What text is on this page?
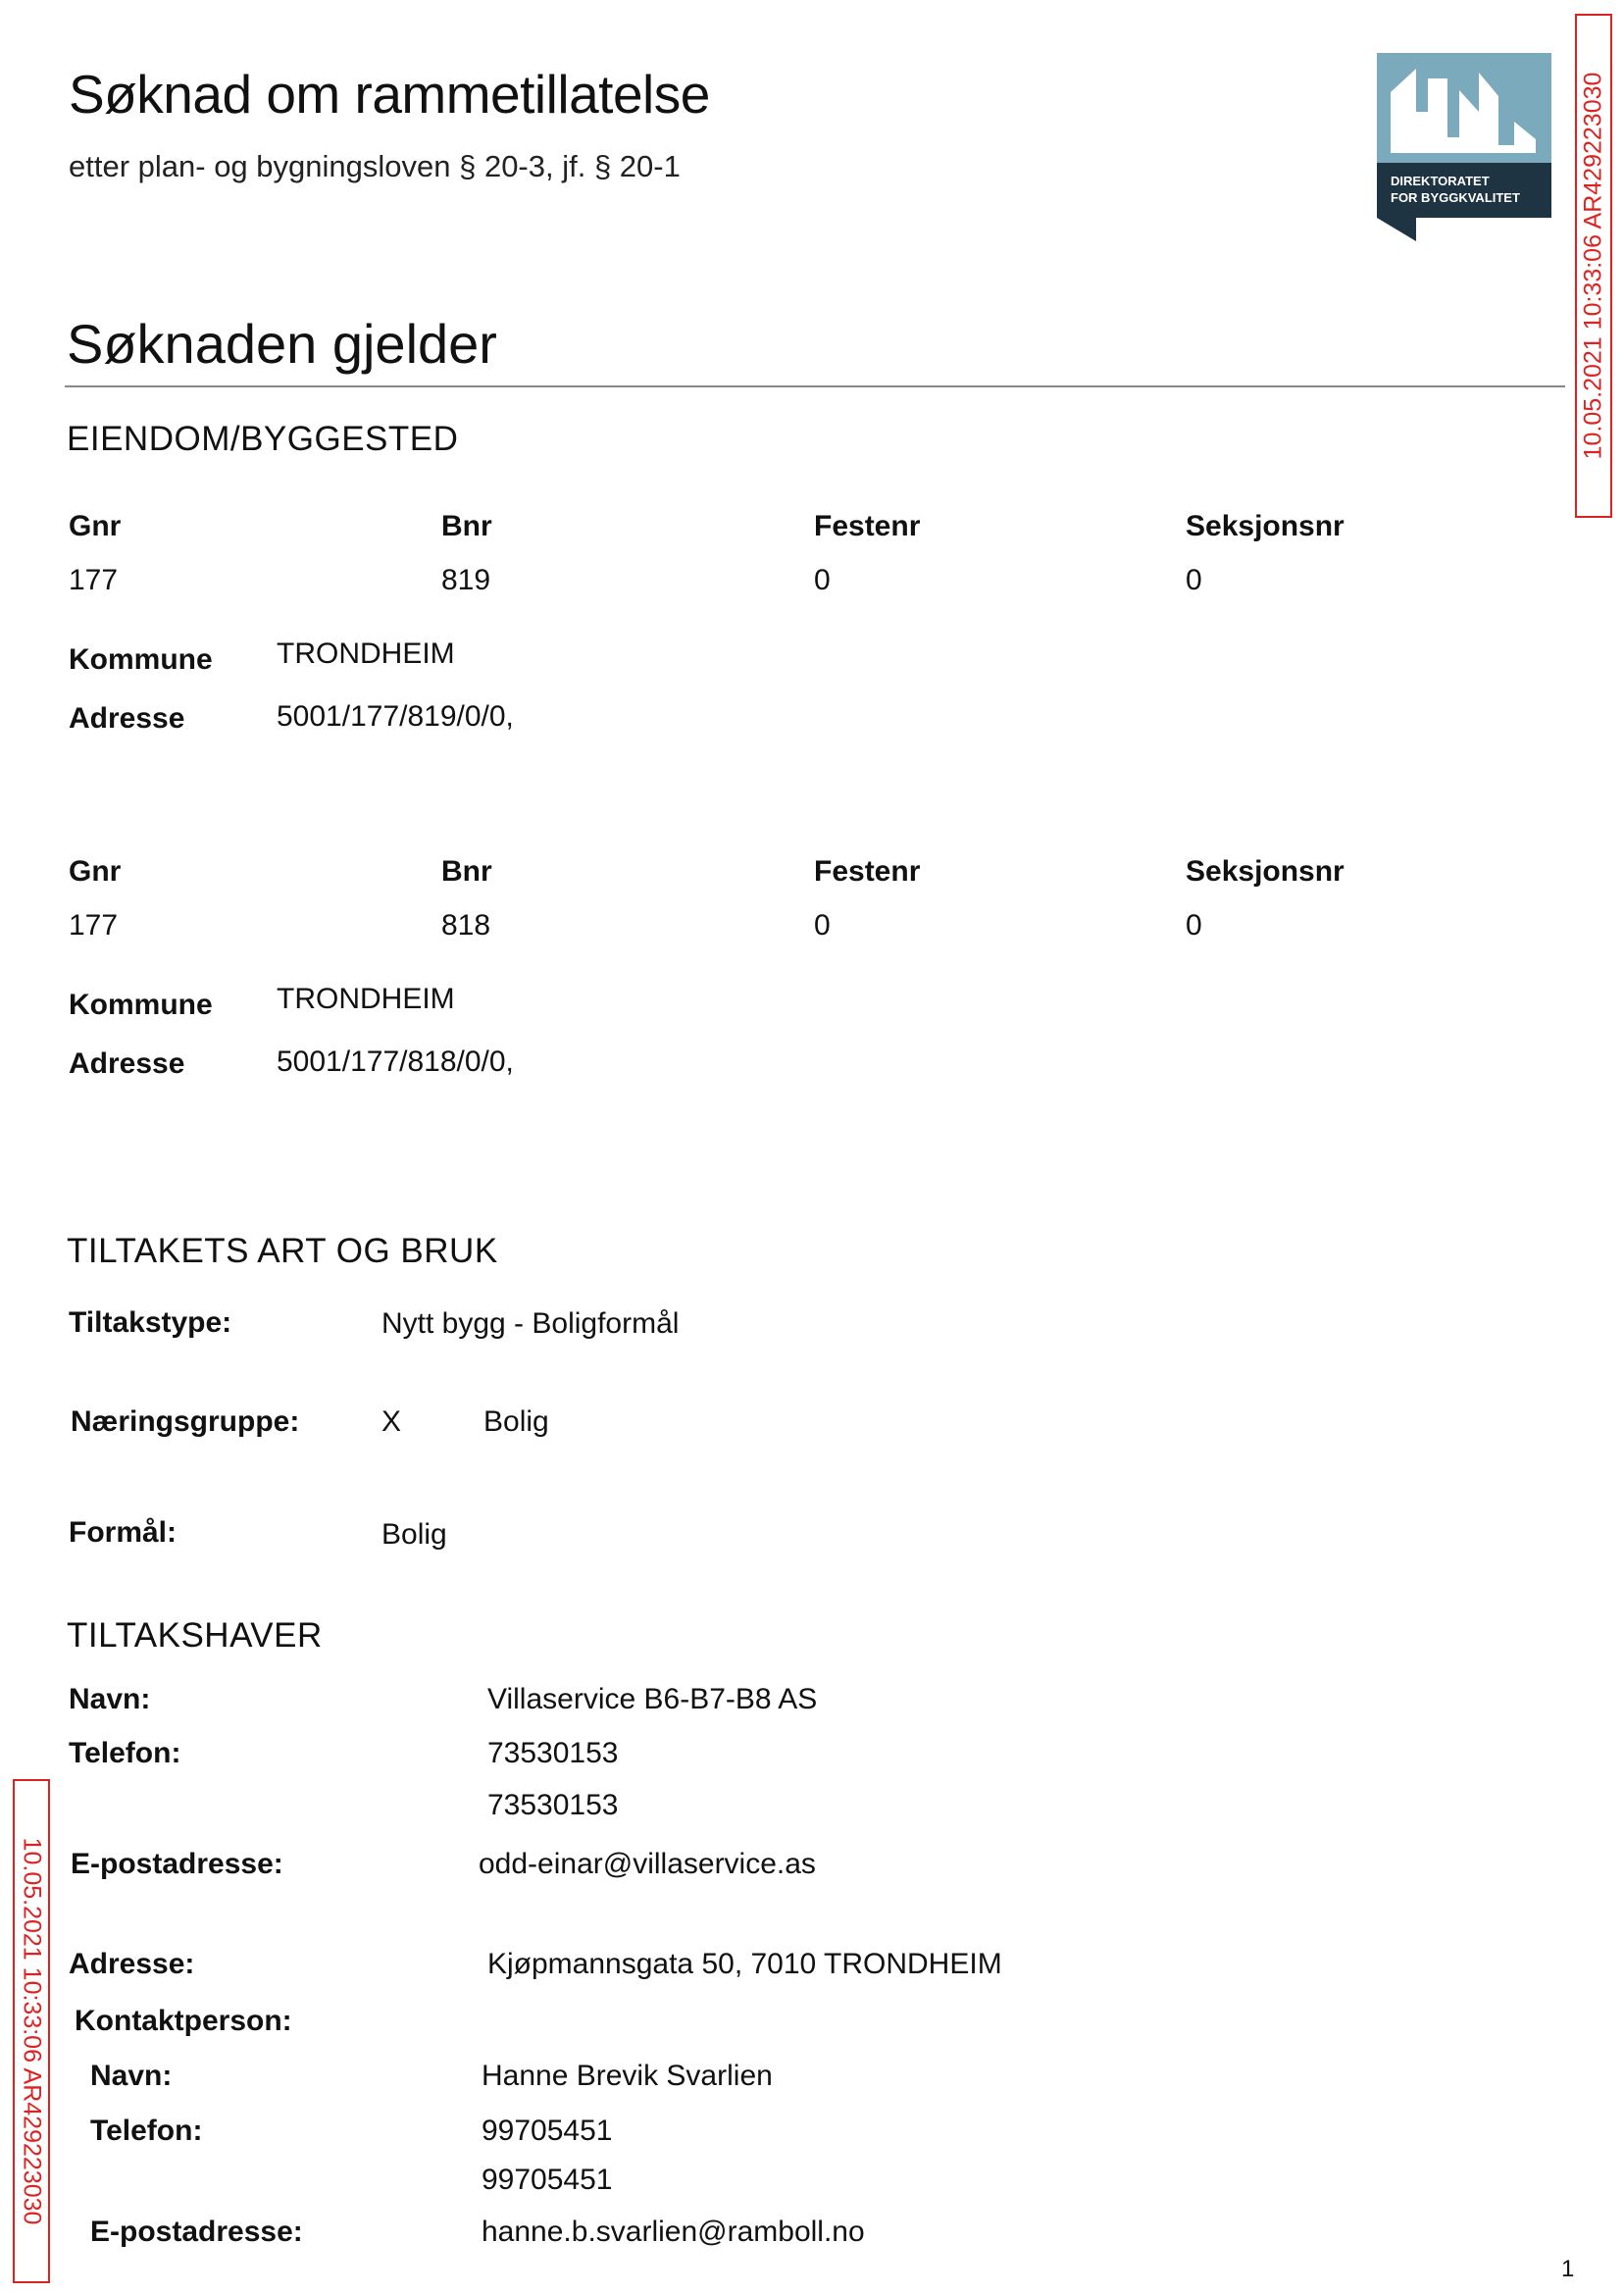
Søknad om rammetillatelse
etter plan- og bygningsloven § 20-3, jf. § 20-1	DIREKTORATET
FOR BYGGKVALITET 10.05.2021 10:33:06 AR429223030
10.05.2021 10:33:06 AR429223030
Søknaden gjelder
EIENDOM/BYGGESTED
Gnr	Bnr	Festenr	Seksjonsnr
177	819	0	0
Kommune TRONDHEIM
Adresse	5001/177/819/0/0,
Gnr	Bnr	Festenr	Seksjonsnr
177	818	0	0
Kommune TRONDHEIM
Adresse	5001/177/818/0/0,
TILTAKETS ART OG BRUK
Tiltakstype:	Nytt bygg - Boligformål
Næringsgruppe:	X	Bolig
Formål:	Bolig
TILTAKSHAVER
Navn:	Villaservice B6-B7-B8 AS
Telefon:	73530153
73530153
E-postadresse:	odd-einar@villaservice.as
Adresse:	Kjøpmannsgata 50, 7010 TRONDHEIM
Kontaktperson:
Navn:	Hanne Brevik Svarlien
Telefon:	99705451
99705451
E-postadresse:	hanne.b.svarlien@ramboll.no
1
